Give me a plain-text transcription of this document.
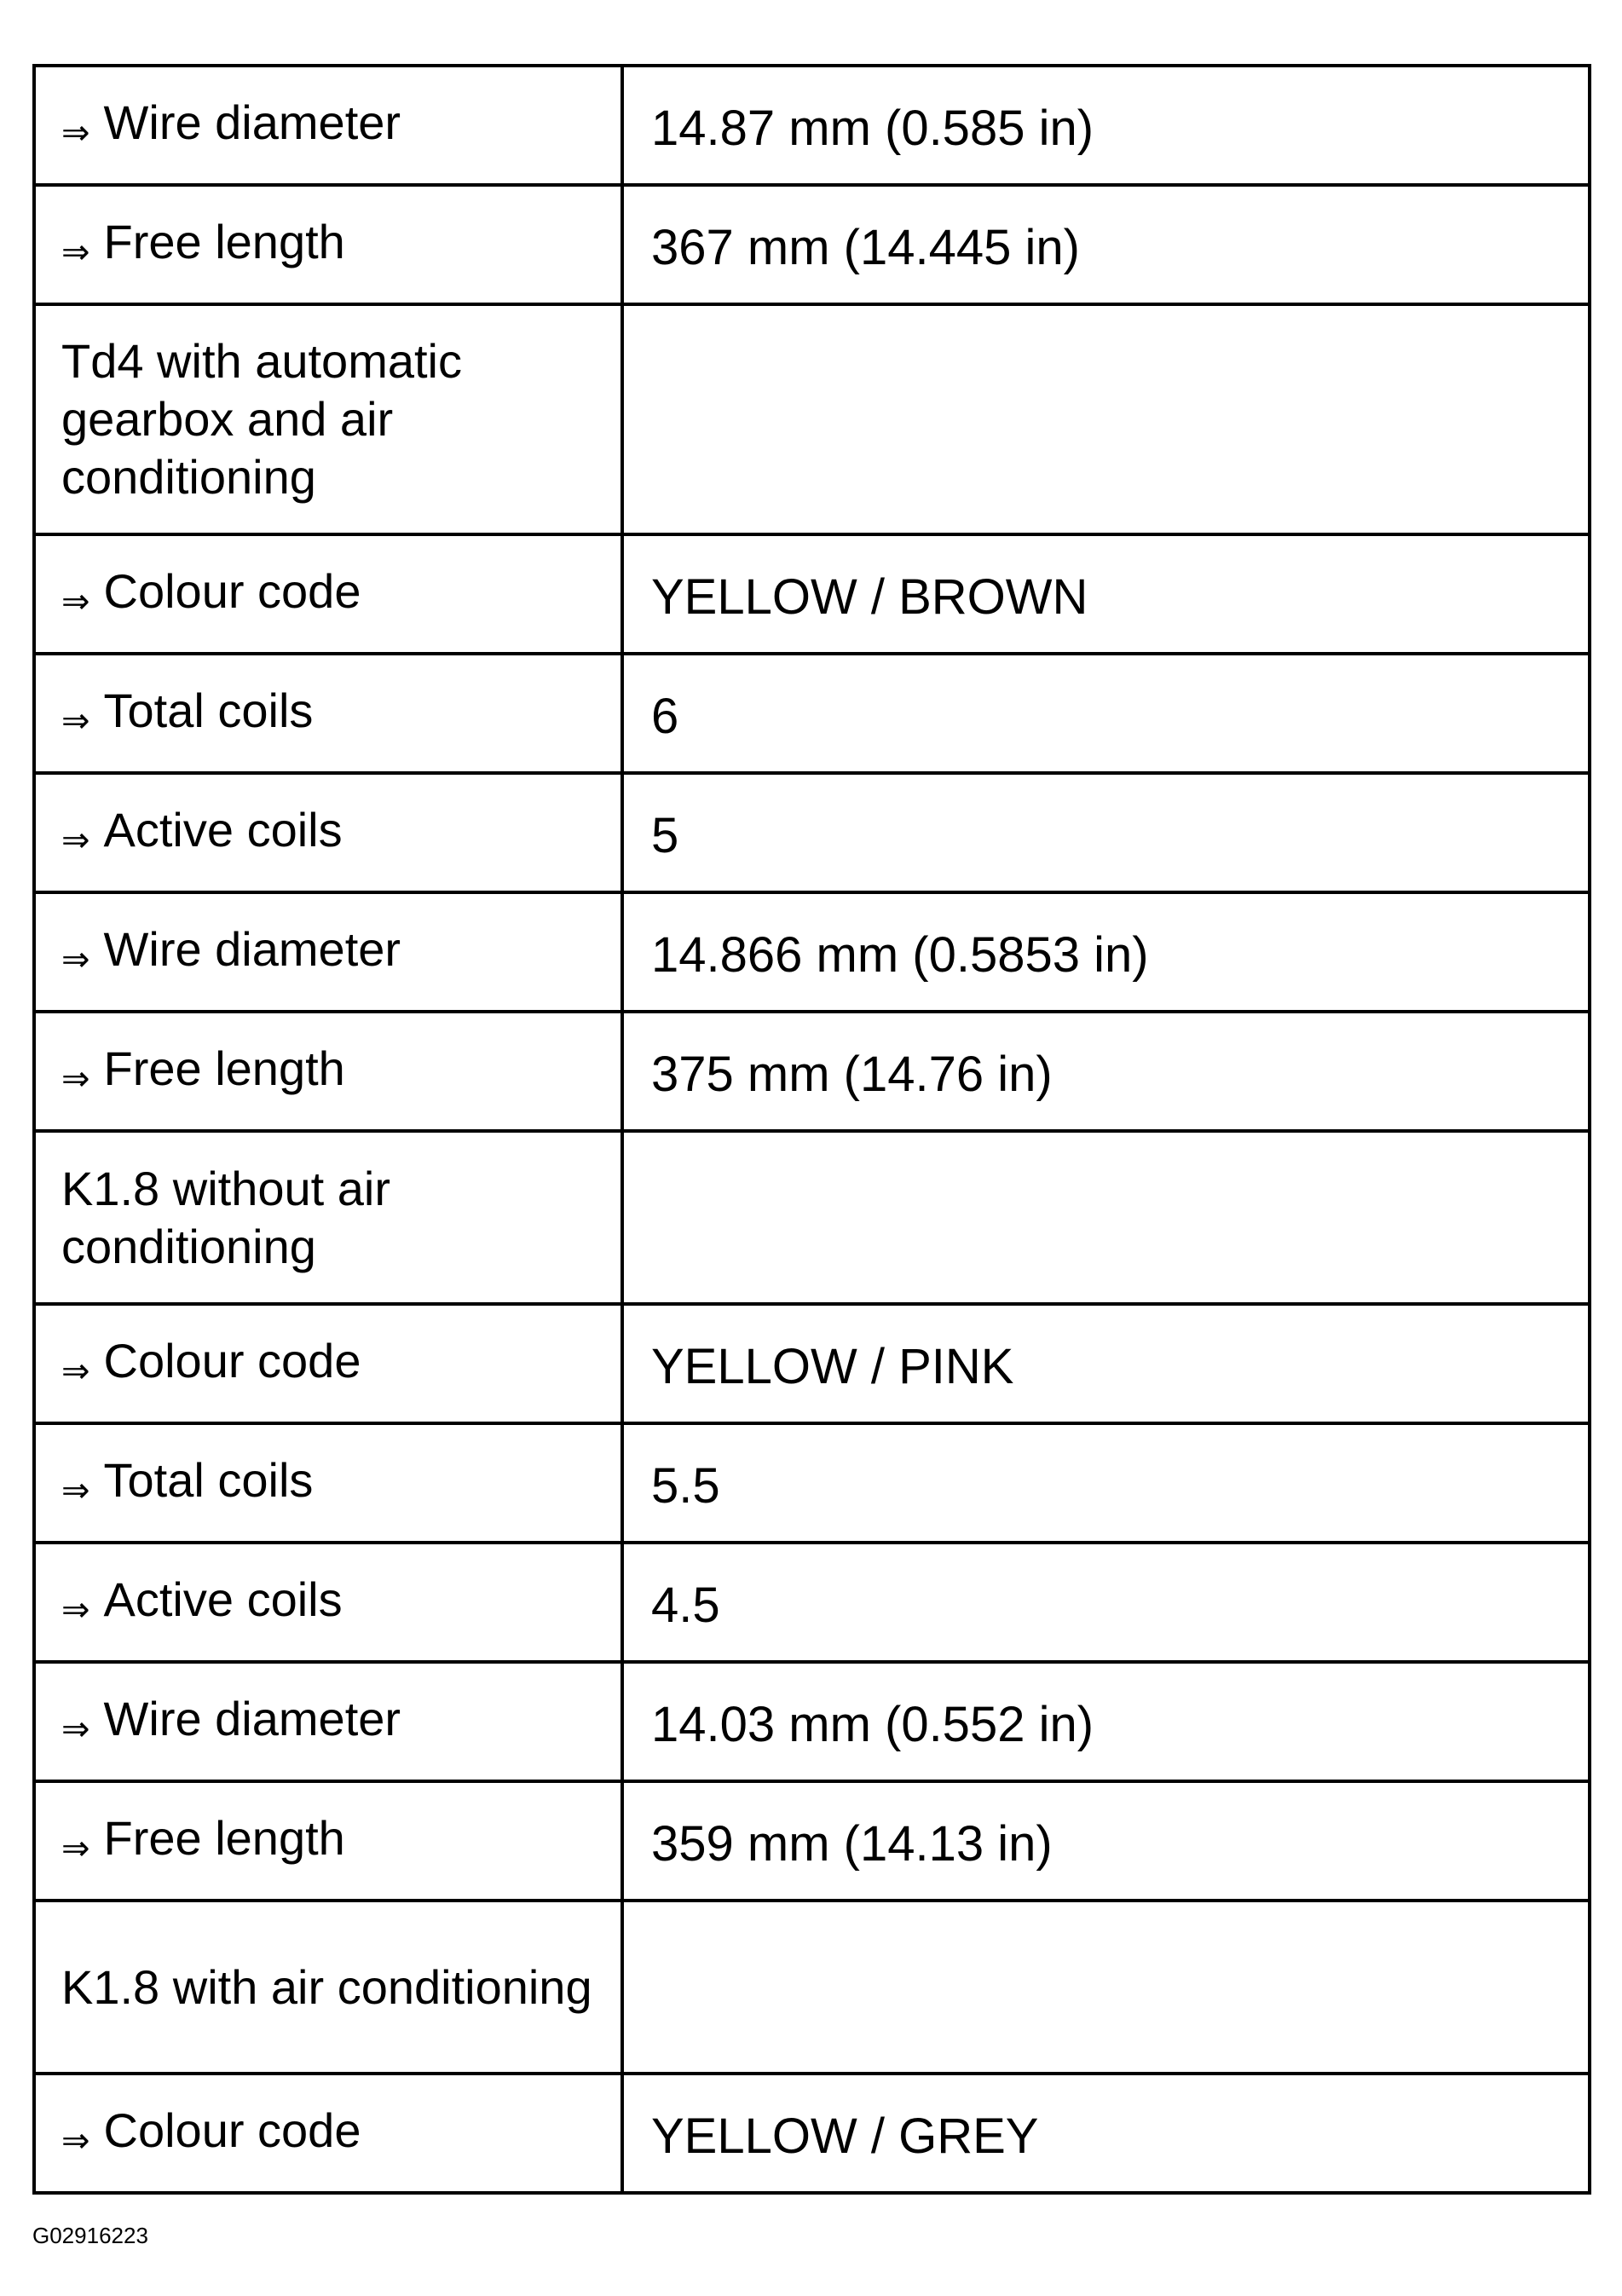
⇒ Wire diameter	14.87 mm (0.585 in)
⇒ Free length	367 mm (14.445 in)
Td4 with automatic gearbox and air conditioning	
⇒ Colour code	YELLOW / BROWN
⇒ Total coils	6
⇒ Active coils	5
⇒ Wire diameter	14.866 mm (0.5853 in)
⇒ Free length	375 mm (14.76 in)
K1.8 without air conditioning	
⇒ Colour code	YELLOW / PINK
⇒ Total coils	5.5
⇒ Active coils	4.5
⇒ Wire diameter	14.03 mm (0.552 in)
⇒ Free length	359 mm (14.13 in)
K1.8 with air conditioning	
⇒ Colour code	YELLOW / GREY
G02916223
